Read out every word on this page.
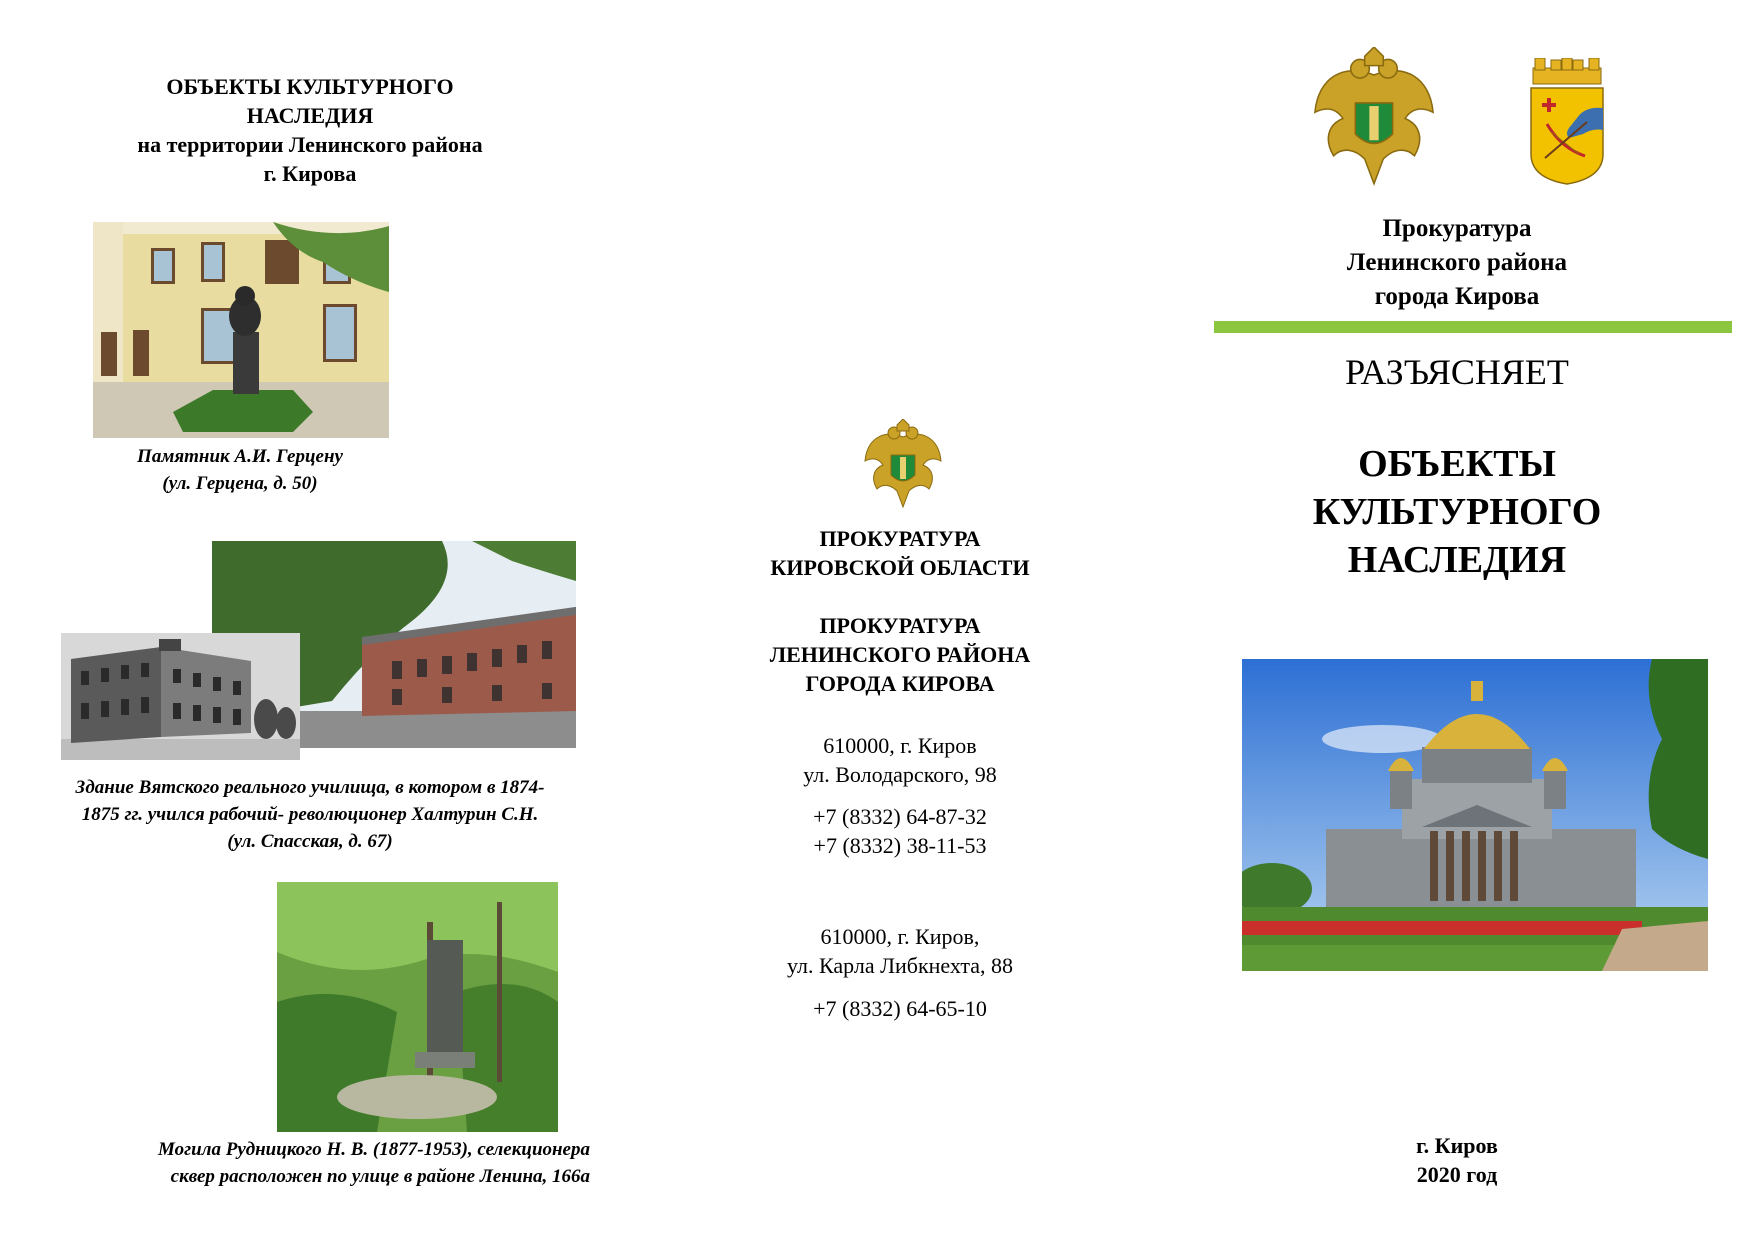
ОБЪЕКТЫ КУЛЬТУРНОГО
НАСЛЕДИЯ
на территории Ленинского района
г. Кирова
Памятник А.И. Герцену
(ул. Герцена, д. 50)
Здание Вятского реального училища, в котором в 1874-
1875 гг. учился рабочий- революционер Халтурин С.Н.
(ул. Спасская, д. 67)
Могила Рудницкого Н. В. (1877-1953), селекционера
сквер расположен по улице в районе Ленина, 166а
ПРОКУРАТУРА
КИРОВСКОЙ ОБЛАСТИ
ПРОКУРАТУРА
ЛЕНИНСКОГО РАЙОНА
ГОРОДА КИРОВА
610000, г. Киров
ул. Володарского, 98
+7 (8332) 64-87-32
+7 (8332) 38-11-53
610000, г. Киров,
ул. Карла Либкнехта, 88
+7 (8332) 64-65-10
Прокуратура
Ленинского района
города Кирова
РАЗЪЯСНЯЕТ
ОБЪЕКТЫ
КУЛЬТУРНОГО
НАСЛЕДИЯ
г. Киров
2020 год
